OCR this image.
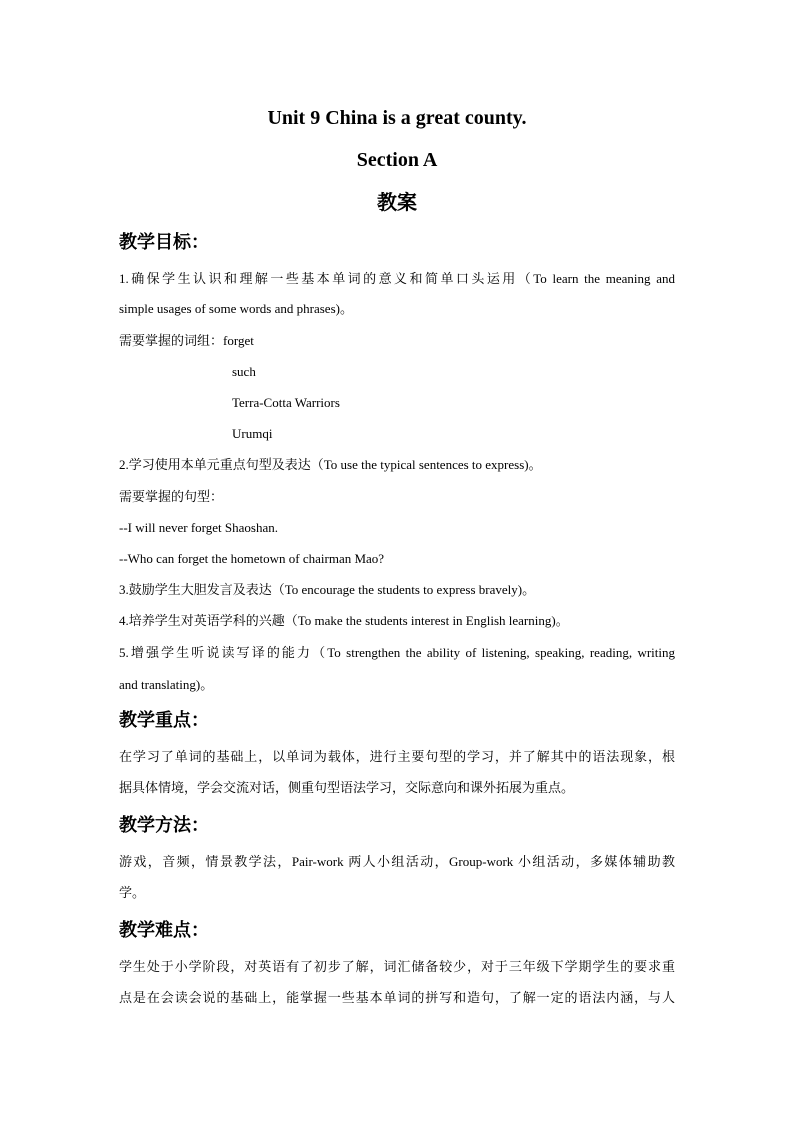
Unit 9 China is a great county.
Section A
教案
教学目标：
1.确保学生认识和理解一些基本单词的意义和简单口头运用（To learn the meaning and
simple usages of some words and phrases)。
需要掌握的词组：forget
such
Terra-Cotta Warriors
Urumqi
2.学习使用本单元重点句型及表达（To use the typical sentences to express)。
需要掌握的句型：
--I will never forget Shaoshan.
--Who can forget the hometown of chairman Mao?
3.鼓励学生大胆发言及表达（To encourage the students to express bravely)。
4.培养学生对英语学科的兴趣（To make the students interest in English learning)。
5.增强学生听说读写译的能力（To strengthen the ability of listening, speaking, reading, writing
and translating)。
教学重点：
在学习了单词的基础上，以单词为载体，进行主要句型的学习，并了解其中的语法现象，根
据具体情境，学会交流对话，侧重句型语法学习，交际意向和课外拓展为重点。
教学方法：
游戏，音频，情景教学法，Pair-work 两人小组活动，Group-work 小组活动，多媒体辅助教
学。
教学难点：
学生处于小学阶段，对英语有了初步了解，词汇储备较少，对于三年级下学期学生的要求重
点是在会读会说的基础上，能掌握一些基本单词的拼写和造句，了解一定的语法内涵，与人
